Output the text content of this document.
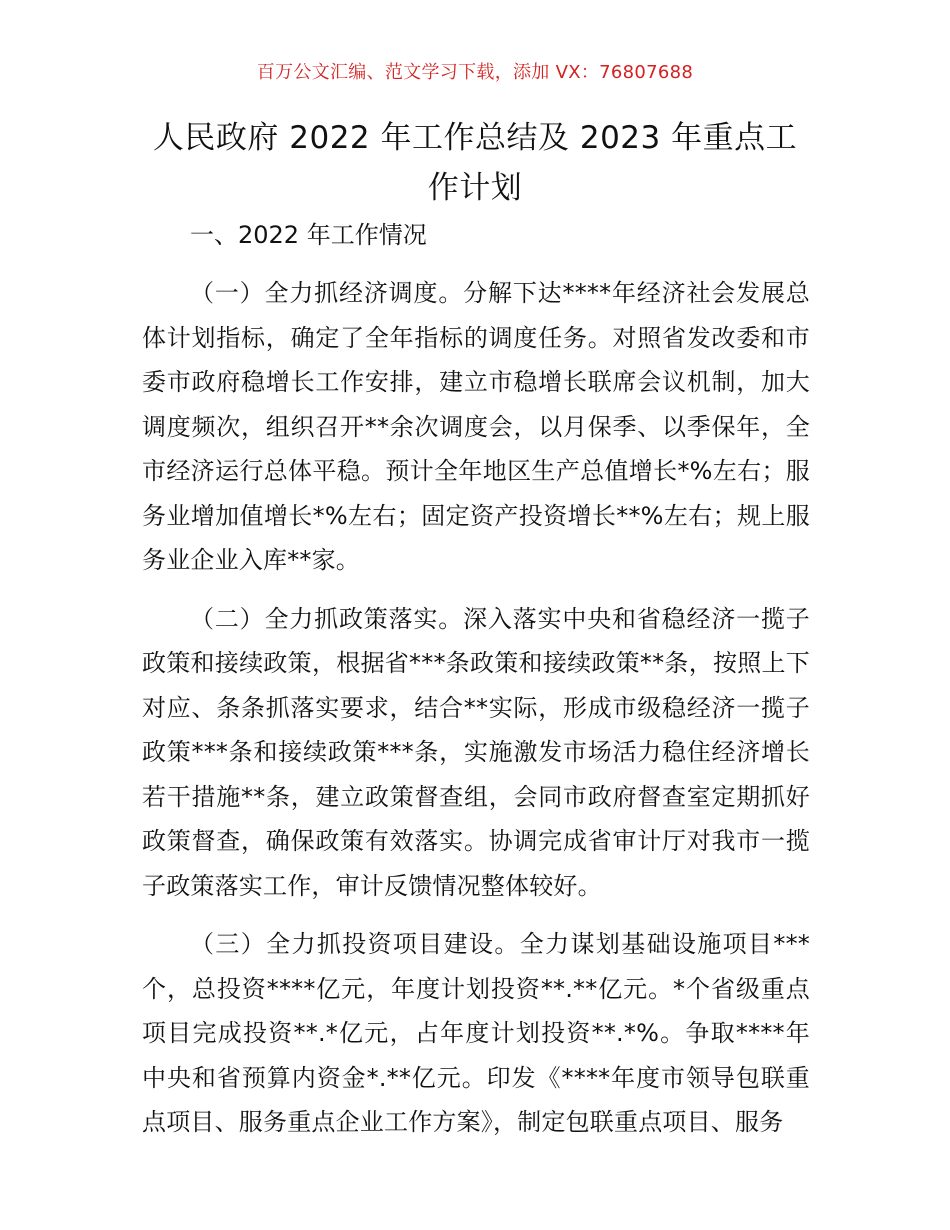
百万公文汇编、范文学习下载，添加 VX：76807688
人民政府 2022 年工作总结及 2023 年重点工作计划

一、2022 年工作情况

（一）全力抓经济调度。分解下达****年经济社会发展总体计划指标，确定了全年指标的调度任务。对照省发改委和市委市政府稳增长工作安排，建立市稳增长联席会议机制，加大调度频次，组织召开**余次调度会，以月保季、以季保年，全市经济运行总体平稳。预计全年地区生产总值增长*%左右；服务业增加值增长*%左右；固定资产投资增长**%左右；规上服务业企业入库**家。

（二）全力抓政策落实。深入落实中央和省稳经济一揽子政策和接续政策，根据省***条政策和接续政策**条，按照上下对应、条条抓落实要求，结合**实际，形成市级稳经济一揽子政策***条和接续政策***条，实施激发市场活力稳住经济增长若干措施**条，建立政策督查组，会同市政府督查室定期抓好政策督查，确保政策有效落实。协调完成省审计厅对我市一揽子政策落实工作，审计反馈情况整体较好。

（三）全力抓投资项目建设。全力谋划基础设施项目***个，总投资****亿元，年度计划投资**.**亿元。*个省级重点项目完成投资**.*亿元，占年度计划投资**.*%。争取****年中央和省预算内资金*.**亿元。印发《****年度市领导包联重点项目、服务重点企业工作方案》，制定包联重点项目、服务
